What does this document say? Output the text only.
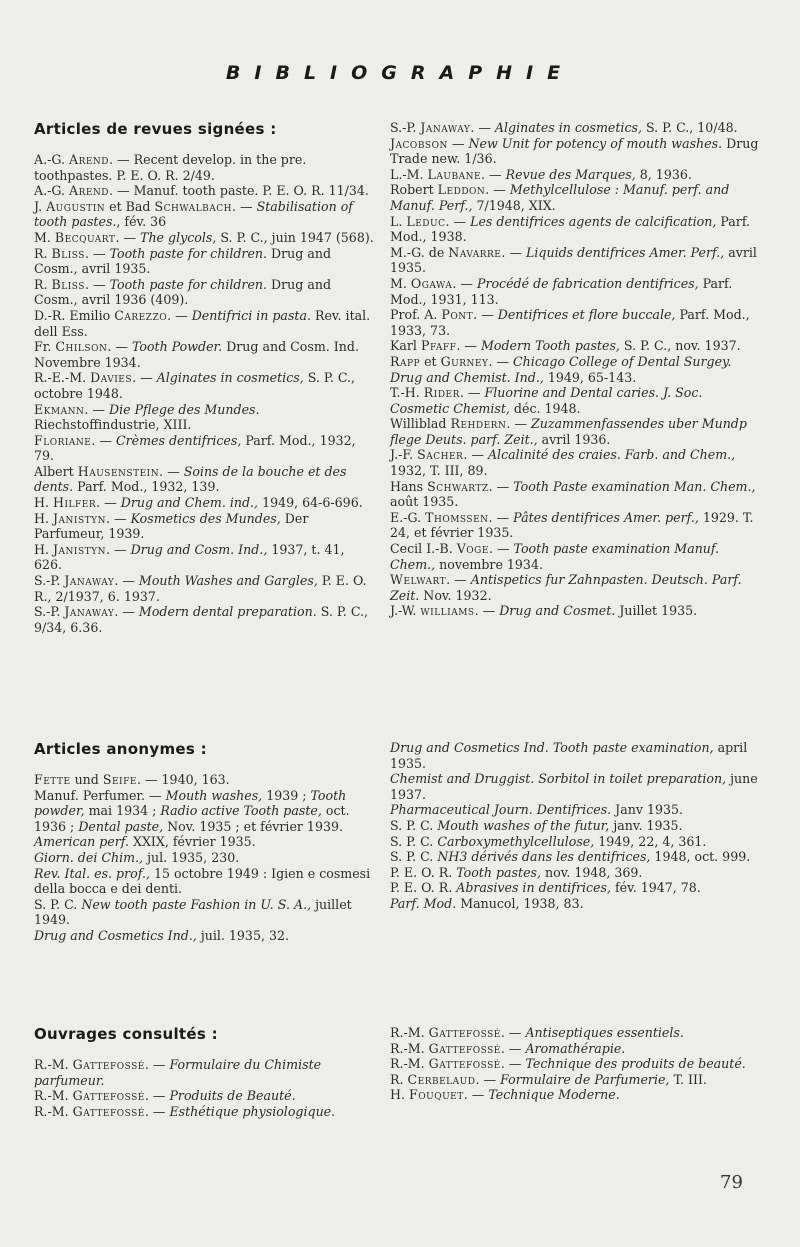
BIBLIOGRAPHIE
Articles de revues signées :

A.-G. Arend. — Recent develop. in the pre. toothpastes. P. E. O. R. 2/49.

A.-G. Arend. — Manuf. tooth paste. P. E. O. R. 11/34.

J. Augustin et Bad Schwalbach. — Stabilisation of tooth pastes., fév. 36

M. Becquart. — The glycols, S. P. C., juin 1947 (568).

R. Bliss. — Tooth paste for children. Drug and Cosm., avril 1935.

R. Bliss. — Tooth paste for children. Drug and Cosm., avril 1936 (409).

D.-R. Emilio Carezzo. — Dentifrici in pasta. Rev. ital. dell Ess.

Fr. Chilson. — Tooth Powder. Drug and Cosm. Ind. Novembre 1934.

R.-E.-M. Davies. — Alginates in cosmetics, S. P. C., octobre 1948.

Ekmann. — Die Pflege des Mundes. Riechstoffindustrie, XIII.

Floriane. — Crèmes dentifrices, Parf. Mod., 1932, 79.

Albert Hausenstein. — Soins de la bouche et des dents. Parf. Mod., 1932, 139.

H. Hilfer. — Drug and Chem. ind., 1949, 64-6-696.

H. Janistyn. — Kosmetics des Mundes, Der Parfumeur, 1939.

H. Janistyn. — Drug and Cosm. Ind., 1937, t. 41, 626.

S.-P. Janaway. — Mouth Washes and Gargles, P. E. O. R., 2/1937, 6. 1937.

S.-P. Janaway. — Modern dental preparation. S. P. C., 9/34, 6.36.

S.-P. Janaway. — Alginates in cosmetics, S. P. C., 10/48.

Jacobson — New Unit for potency of mouth washes. Drug Trade new. 1/36.

L.-M. Laubane. — Revue des Marques, 8, 1936.

Robert Leddon. — Methylcellulose : Manuf. perf. and Manuf. Perf., 7/1948, XIX.

L. Leduc. — Les dentifrices agents de calcification, Parf. Mod., 1938.

M.-G. de Navarre. — Liquids dentifrices Amer. Perf., avril 1935.

M. Ogawa. — Procédé de fabrication dentifrices, Parf. Mod., 1931, 113.

Prof. A. Pont. — Dentifrices et flore buccale, Parf. Mod., 1933, 73.

Karl Pfaff. — Modern Tooth pastes, S. P. C., nov. 1937.

Rapp et Gurney. — Chicago College of Dental Surgey. Drug and Chemist. Ind., 1949, 65-143.

T.-H. Rider. — Fluorine and Dental caries. J. Soc. Cosmetic Chemist, déc. 1948.

Williblad Rehdern. — Zuzammenfassendes uber Mundp flege Deuts. parf. Zeit., avril 1936.

J.-F. Sacher. — Alcalinité des craies. Farb. and Chem., 1932, T. III, 89.

Hans Schwartz. — Tooth Paste examination Man. Chem., août 1935.

E.-G. Thomssen. — Pâtes dentifrices Amer. perf., 1929. T. 24, et février 1935.

Cecil I.-B. Voge. — Tooth paste examination Manuf. Chem., novembre 1934.

Welwart. — Antispetics fur Zahnpasten. Deutsch. Parf. Zeit. Nov. 1932.

J.-W. williams. — Drug and Cosmet. Juillet 1935.

Articles anonymes :

Fette und Seife. — 1940, 163.

Manuf. Perfumer. — Mouth washes, 1939 ; Tooth powder, mai 1934 ; Radio active Tooth paste, oct. 1936 ; Dental paste, Nov. 1935 ; et février 1939.

American perf. XXIX, février 1935.

Giorn. dei Chim., jul. 1935, 230.

Rev. Ital. es. prof., 15 octobre 1949 : Igien e cosmesi della bocca e dei denti.

S. P. C. New tooth paste Fashion in U. S. A., juillet 1949.

Drug and Cosmetics Ind., juil. 1935, 32.

Drug and Cosmetics Ind. Tooth paste examination, april 1935.

Chemist and Druggist. Sorbitol in toilet preparation, june 1937.

Pharmaceutical Journ. Dentifrices. Janv 1935.

S. P. C. Mouth washes of the futur, janv. 1935.

S. P. C. Carboxymethylcellulose, 1949, 22, 4, 361.

S. P. C. NH3 dérivés dans les dentifrices, 1948, oct. 999.

P. E. O. R. Tooth pastes, nov. 1948, 369.

P. E. O. R. Abrasives in dentifrices, fév. 1947, 78.

Parf. Mod. Manucol, 1938, 83.

Ouvrages consultés :

R.-M. Gattefossé. — Formulaire du Chimiste parfumeur.

R.-M. Gattefossé. — Produits de Beauté.

R.-M. Gattefossé. — Esthétique physiologique.

R.-M. Gattefossé. — Antiseptiques essentiels.

R.-M. Gattefossé. — Aromathérapie.

R.-M. Gattefossé. — Technique des produits de beauté.

R. Cerbelaud. — Formulaire de Parfumerie, T. III.

H. Fouquet. — Technique Moderne.

79
